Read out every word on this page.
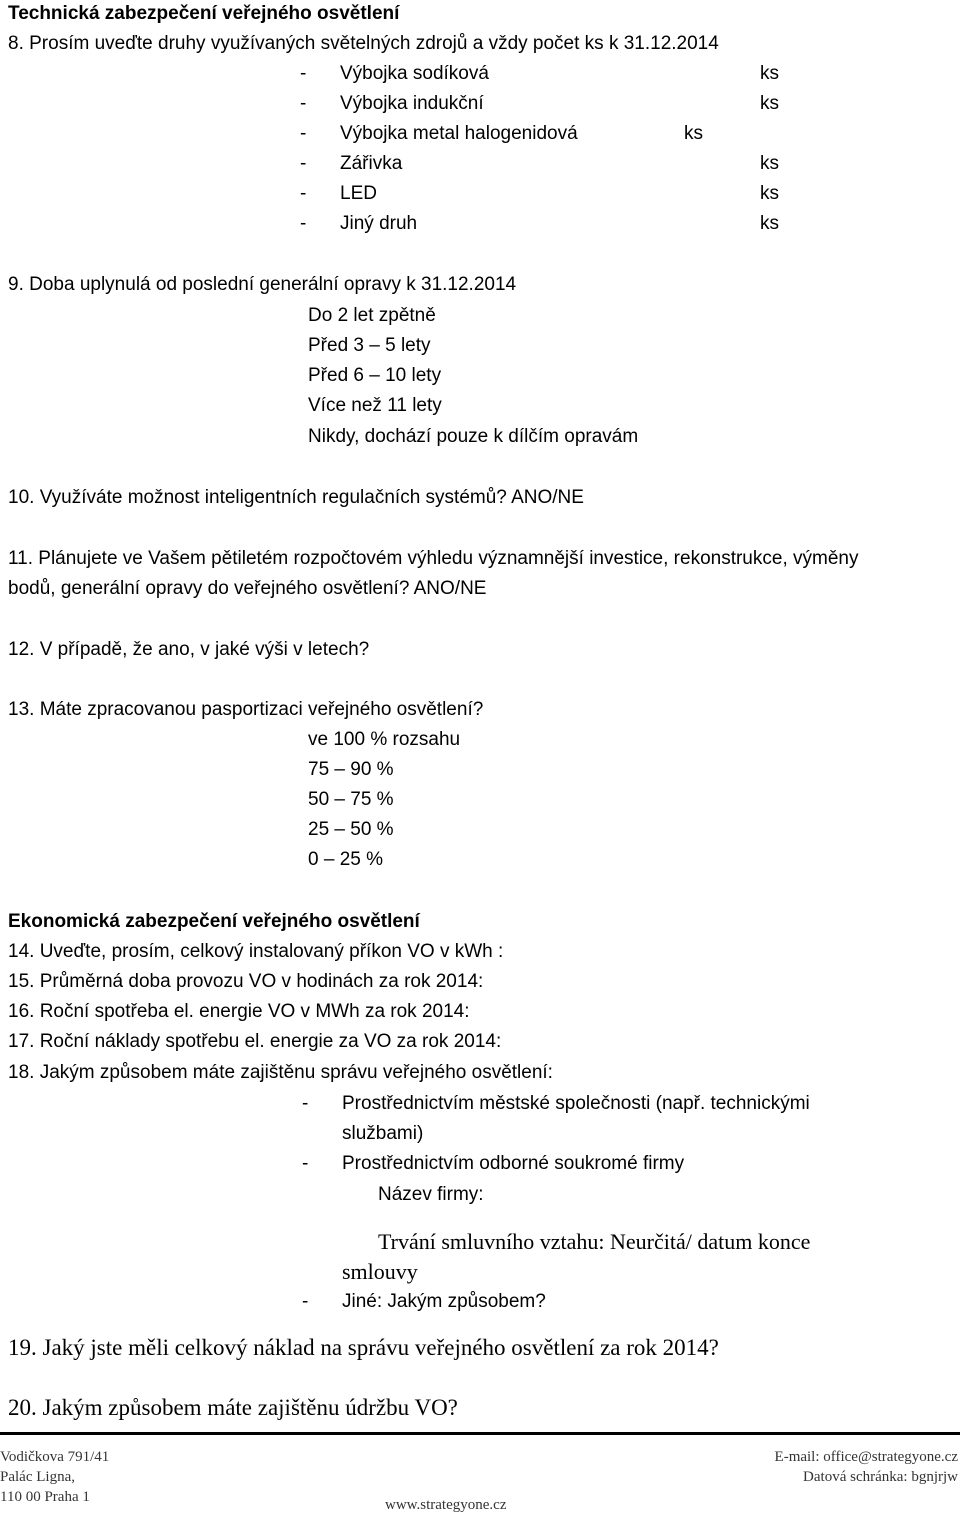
Technická zabezpečení veřejného osvětlení
8. Prosím uveďte druhy využívaných světelných zdrojů a vždy počet ks k 31.12.2014
- Výbojka sodíková	ks
- Výbojka indukční	ks
- Výbojka metal halogenidová	ks
- Zářivka	ks
- LED	ks
- Jiný druh	ks
9. Doba uplynulá od poslední generální opravy k 31.12.2014
Do 2 let zpětně
Před 3 – 5 lety
Před 6 – 10 lety
Více než 11 lety
Nikdy, dochází pouze k dílčím opravám
10. Využíváte možnost inteligentních regulačních systémů? ANO/NE
11. Plánujete ve Vašem pětiletém rozpočtovém výhledu významnější investice, rekonstrukce, výměny
bodů, generální opravy do veřejného osvětlení? ANO/NE
12. V případě, že ano, v jaké výši v letech?
13. Máte zpracovanou pasportizaci veřejného osvětlení?
ve 100 % rozsahu
75 – 90 %
50 – 75 %
25 – 50 %
0 – 25 %
Ekonomická zabezpečení veřejného osvětlení
14. Uveďte, prosím, celkový instalovaný příkon VO v kWh :
15. Průměrná doba provozu VO v hodinách za rok 2014:
16. Roční spotřeba el. energie VO v MWh za rok 2014:
17. Roční náklady spotřebu el. energie za VO za rok 2014:
18. Jakým způsobem máte zajištěnu správu veřejného osvětlení:
- Prostřednictvím městské společnosti (např. technickými
službami)
- Prostřednictvím odborné soukromé firmy
Název firmy:
Trvání smluvního vztahu: Neurčitá/ datum konce
smlouvy
- Jiné: Jakým způsobem?
19. Jaký jste měli celkový náklad na správu veřejného osvětlení za rok 2014?
20. Jakým způsobem máte zajištěnu údržbu VO?
Vodičkova 791/41
Palác Ligna,
110 00 Praha 1	www.strategyone.cz
E-mail: office@strategyone.cz
Datová schránka: bgnjrjw
